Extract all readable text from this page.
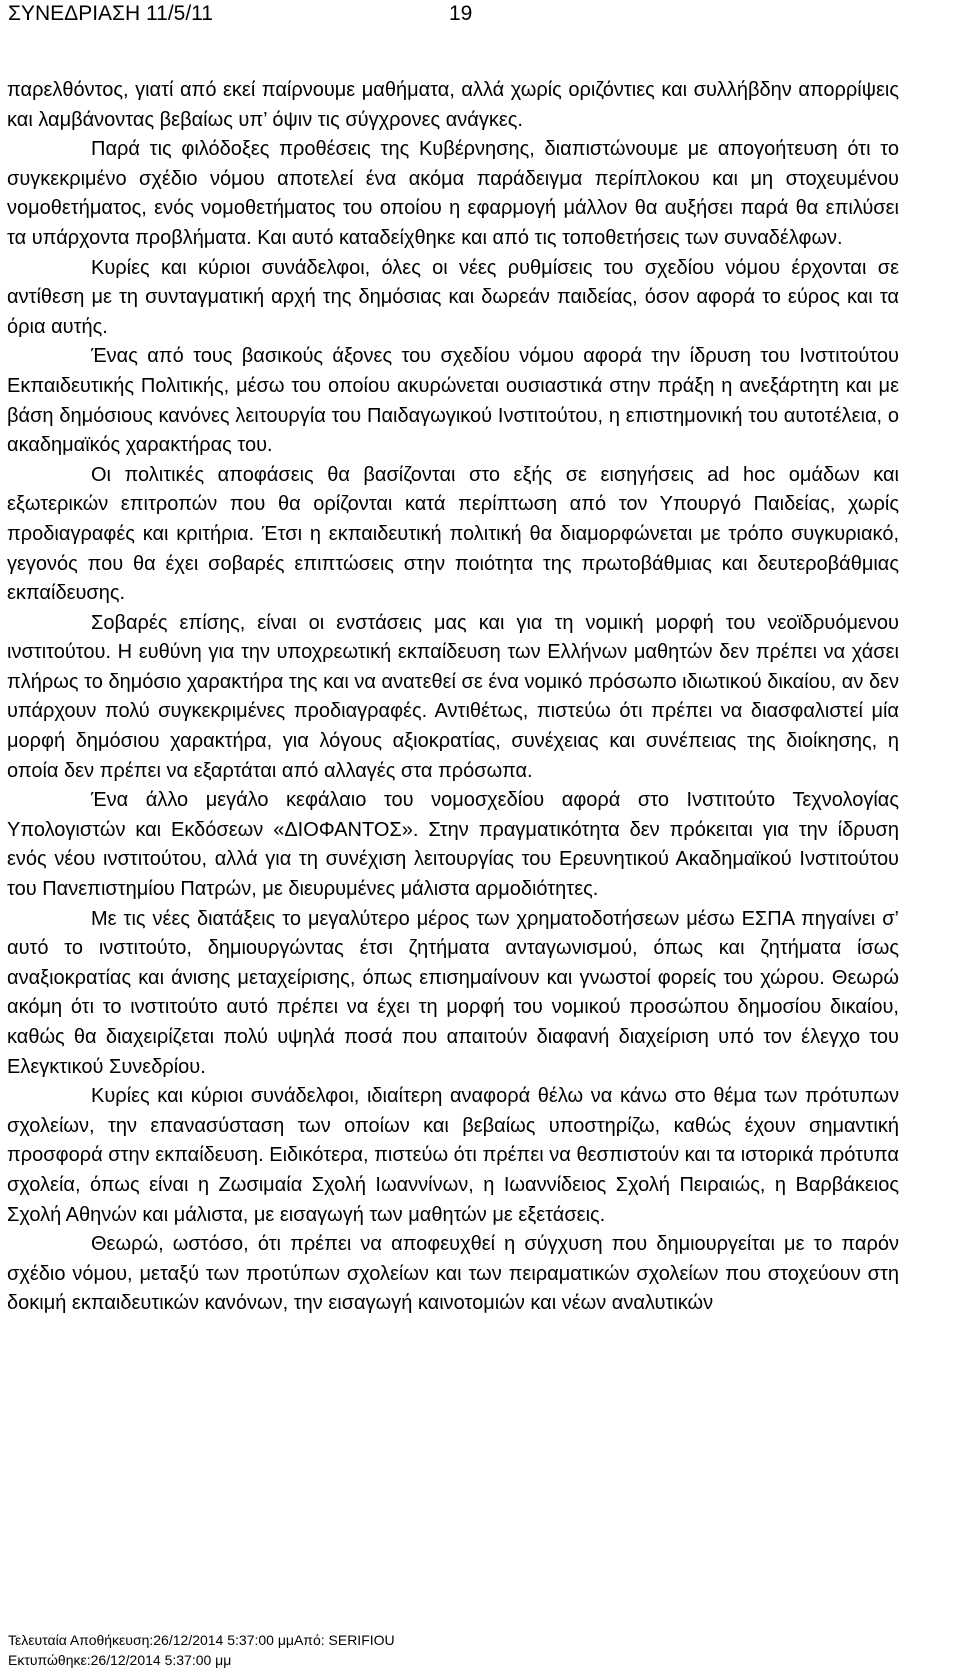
ΣΥΝΕΔΡΙΑΣΗ 11/5/11	19

παρελθόντος, γιατί από εκεί παίρνουμε μαθήματα, αλλά χωρίς οριζόντιες και συλλήβδην απορρίψεις και λαμβάνοντας βεβαίως υπ’ όψιν τις σύγχρονες ανάγκες.

Παρά τις φιλόδοξες προθέσεις της Κυβέρνησης, διαπιστώνουμε με απογοήτευση ότι το συγκεκριμένο σχέδιο νόμου αποτελεί ένα ακόμα παράδειγμα περίπλοκου και μη στοχευμένου νομοθετήματος, ενός νομοθετήματος του οποίου η εφαρμογή μάλλον θα αυξήσει παρά θα επιλύσει τα υπάρχοντα προβλήματα. Και αυτό καταδείχθηκε και από τις τοποθετήσεις των συναδέλφων.

Κυρίες και κύριοι συνάδελφοι, όλες οι νέες ρυθμίσεις του σχεδίου νόμου έρχονται σε αντίθεση με τη συνταγματική αρχή της δημόσιας και δωρεάν παιδείας, όσον αφορά το εύρος και τα όρια αυτής.

Ένας από τους βασικούς άξονες του σχεδίου νόμου αφορά την ίδρυση του Ινστιτούτου Εκπαιδευτικής Πολιτικής, μέσω του οποίου ακυρώνεται ουσιαστικά στην πράξη η ανεξάρτητη και με βάση δημόσιους κανόνες λειτουργία του Παιδαγωγικού Ινστιτούτου, η επιστημονική του αυτοτέλεια, ο ακαδημαϊκός χαρακτήρας του.

Οι πολιτικές αποφάσεις θα βασίζονται στο εξής σε εισηγήσεις ad hoc ομάδων και εξωτερικών επιτροπών που θα ορίζονται κατά περίπτωση από τον Υπουργό Παιδείας, χωρίς προδιαγραφές και κριτήρια. Έτσι η εκπαιδευτική πολιτική θα διαμορφώνεται με τρόπο συγκυριακό, γεγονός που θα έχει σοβαρές επιπτώσεις στην ποιότητα της πρωτοβάθμιας και δευτεροβάθμιας εκπαίδευσης.

Σοβαρές επίσης, είναι οι ενστάσεις μας και για τη νομική μορφή του νεοϊδρυόμενου ινστιτούτου. Η ευθύνη για την υποχρεωτική εκπαίδευση των Ελλήνων μαθητών δεν πρέπει να χάσει πλήρως το δημόσιο χαρακτήρα της και να ανατεθεί σε ένα νομικό πρόσωπο ιδιωτικού δικαίου, αν δεν υπάρχουν πολύ συγκεκριμένες προδιαγραφές. Αντιθέτως, πιστεύω ότι πρέπει να διασφαλιστεί μία μορφή δημόσιου χαρακτήρα, για λόγους αξιοκρατίας, συνέχειας και συνέπειας της διοίκησης, η οποία δεν πρέπει να εξαρτάται από αλλαγές στα πρόσωπα.

Ένα άλλο μεγάλο κεφάλαιο του νομοσχεδίου αφορά στο Ινστιτούτο Τεχνολογίας Υπολογιστών και Εκδόσεων «ΔΙΟΦΑΝΤΟΣ». Στην πραγματικότητα δεν πρόκειται για την ίδρυση ενός νέου ινστιτούτου, αλλά για τη συνέχιση λειτουργίας του Ερευνητικού Ακαδημαϊκού Ινστιτούτου του Πανεπιστημίου Πατρών, με διευρυμένες μάλιστα αρμοδιότητες.

Με τις νέες διατάξεις το μεγαλύτερο μέρος των χρηματοδοτήσεων μέσω ΕΣΠΑ πηγαίνει σ’ αυτό το ινστιτούτο, δημιουργώντας έτσι ζητήματα ανταγωνισμού, όπως και ζητήματα ίσως αναξιοκρατίας και άνισης μεταχείρισης, όπως επισημαίνουν και γνωστοί φορείς του χώρου. Θεωρώ ακόμη ότι το ινστιτούτο αυτό πρέπει να έχει τη μορφή του νομικού προσώπου δημοσίου δικαίου, καθώς θα διαχειρίζεται πολύ υψηλά ποσά που απαιτούν διαφανή διαχείριση υπό τον έλεγχο του Ελεγκτικού Συνεδρίου.

Κυρίες και κύριοι συνάδελφοι, ιδιαίτερη αναφορά θέλω να κάνω στο θέμα των πρότυπων σχολείων, την επανασύσταση των οποίων και βεβαίως υποστηρίζω, καθώς έχουν σημαντική προσφορά στην εκπαίδευση. Ειδικότερα, πιστεύω ότι πρέπει να θεσπιστούν και τα ιστορικά πρότυπα σχολεία, όπως είναι η Ζωσιμαία Σχολή Ιωαννίνων, η Ιωαννίδειος Σχολή Πειραιώς, η Βαρβάκειος Σχολή Αθηνών και μάλιστα, με εισαγωγή των μαθητών με εξετάσεις.

Θεωρώ, ωστόσο, ότι πρέπει να αποφευχθεί η σύγχυση που δημιουργείται με το παρόν σχέδιο νόμου, μεταξύ των προτύπων σχολείων και των πειραματικών σχολείων που στοχεύουν στη δοκιμή εκπαιδευτικών κανόνων, την εισαγωγή καινοτομιών και νέων αναλυτικών

Τελευταία Αποθήκευση:26/12/2014 5:37:00 μμΑπό: SERIFIOU
Εκτυπώθηκε:26/12/2014 5:37:00 μμ
